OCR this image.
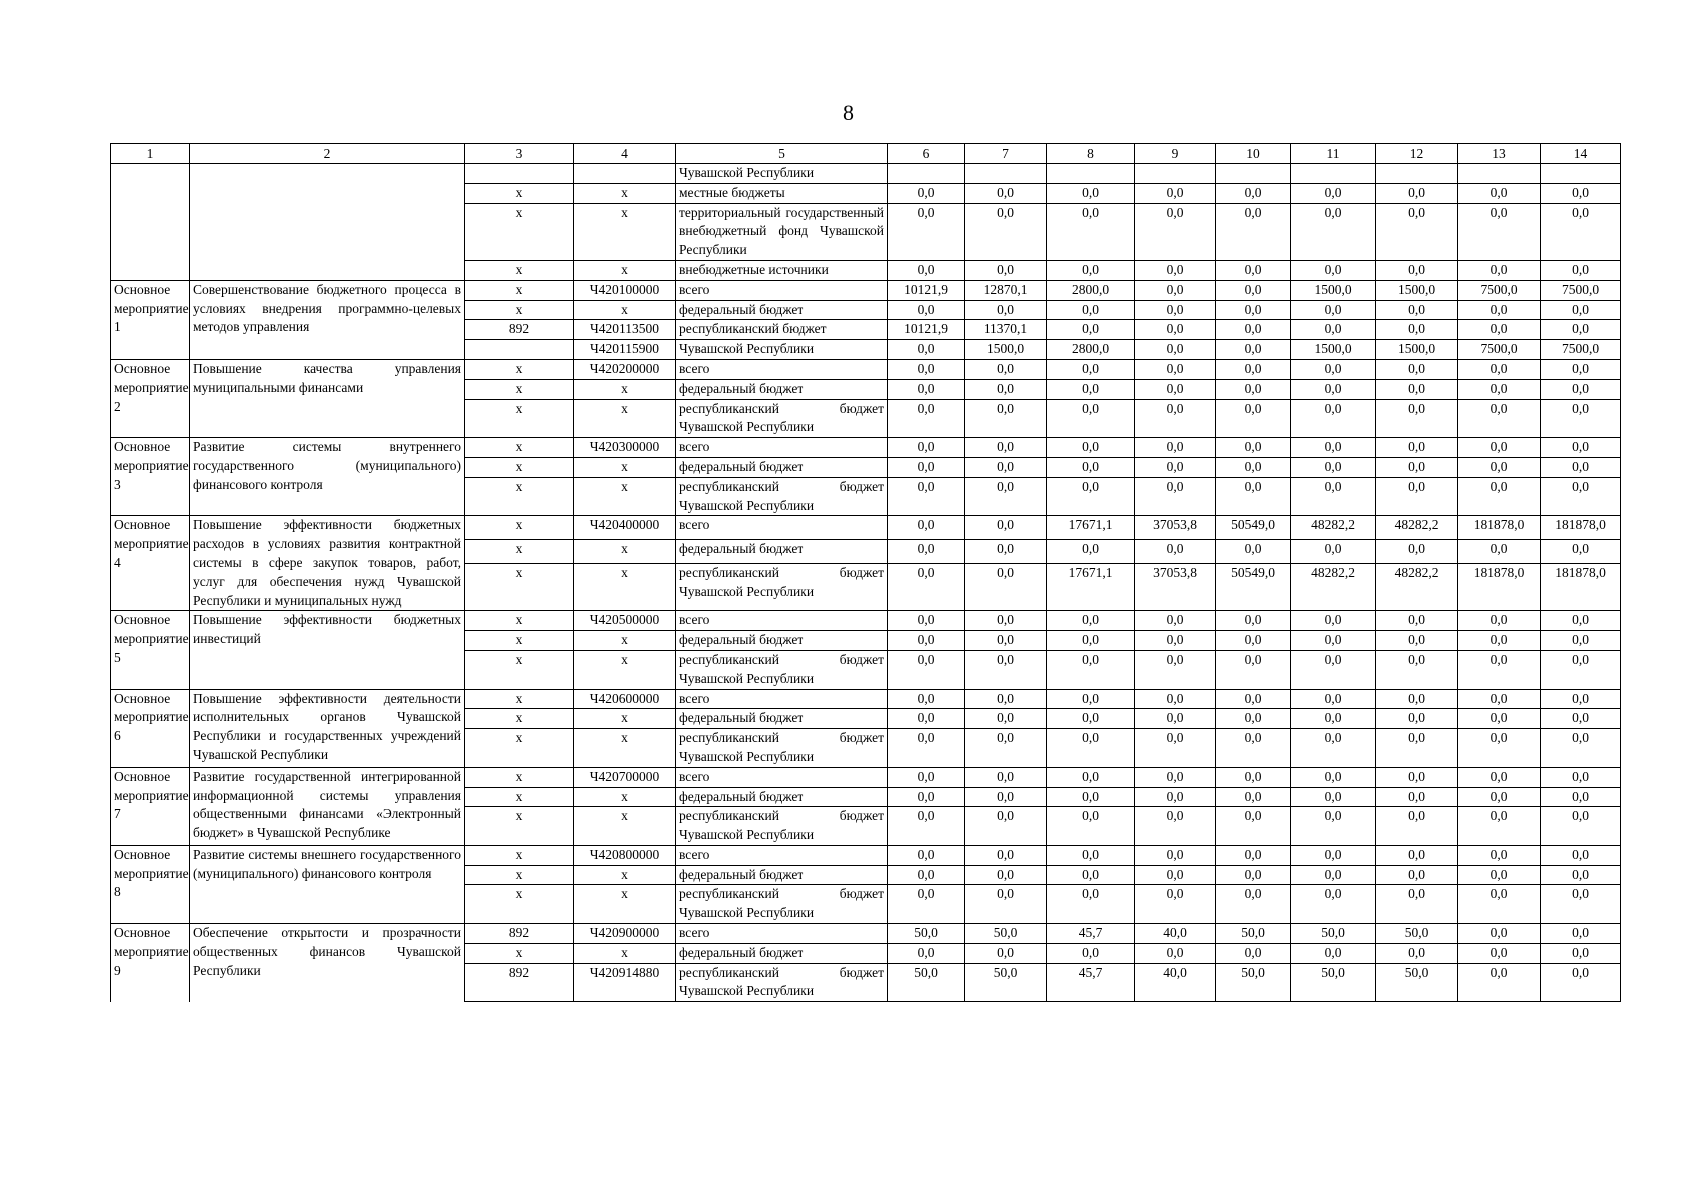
8
1	2	3	4	5	6	7	8	9	10	11	12	13	14
				Чувашской Республики									
		x	x	местные бюджеты	0,0	0,0	0,0	0,0	0,0	0,0	0,0	0,0	0,0
		x	x	территориальный государственный внебюджетный фонд Чувашской Республики	0,0	0,0	0,0	0,0	0,0	0,0	0,0	0,0	0,0
		x	x	внебюджетные источники	0,0	0,0	0,0	0,0	0,0	0,0	0,0	0,0	0,0
Основное мероприятие 1	Совершенствование бюджетного процесса в условиях внедрения программно-целевых методов управления	x	Ч420100000	всего	10121,9	12870,1	2800,0	0,0	0,0	1500,0	1500,0	7500,0	7500,0
		x	x	федеральный бюджет	0,0	0,0	0,0	0,0	0,0	0,0	0,0	0,0	0,0
		892	Ч420113500	республиканский бюджет	10121,9	11370,1	0,0	0,0	0,0	0,0	0,0	0,0	0,0
			Ч420115900	Чувашской Республики	0,0	1500,0	2800,0	0,0	0,0	1500,0	1500,0	7500,0	7500,0
Основное мероприятие 2	Повышение качества управления муниципальными финансами	x	Ч420200000	всего	0,0	0,0	0,0	0,0	0,0	0,0	0,0	0,0	0,0
		x	x	федеральный бюджет	0,0	0,0	0,0	0,0	0,0	0,0	0,0	0,0	0,0
		x	x	республиканский бюджет Чувашской Республики	0,0	0,0	0,0	0,0	0,0	0,0	0,0	0,0	0,0
Основное мероприятие 3	Развитие системы внутреннего государственного (муниципального) финансового контроля	x	Ч420300000	всего	0,0	0,0	0,0	0,0	0,0	0,0	0,0	0,0	0,0
		x	x	федеральный бюджет	0,0	0,0	0,0	0,0	0,0	0,0	0,0	0,0	0,0
		x	x	республиканский бюджет Чувашской Республики	0,0	0,0	0,0	0,0	0,0	0,0	0,0	0,0	0,0
Основное мероприятие 4	Повышение эффективности бюджетных расходов в условиях развития контрактной системы в сфере закупок товаров, работ, услуг для обеспечения нужд Чувашской Республики и муниципальных нужд	x	Ч420400000	всего	0,0	0,0	17671,1	37053,8	50549,0	48282,2	48282,2	181878,0	181878,0
		x	x	федеральный бюджет	0,0	0,0	0,0	0,0	0,0	0,0	0,0	0,0	0,0
		x	x	республиканский бюджет Чувашской Республики	0,0	0,0	17671,1	37053,8	50549,0	48282,2	48282,2	181878,0	181878,0
Основное мероприятие 5	Повышение эффективности бюджетных инвестиций	x	Ч420500000	всего	0,0	0,0	0,0	0,0	0,0	0,0	0,0	0,0	0,0
		x	x	федеральный бюджет	0,0	0,0	0,0	0,0	0,0	0,0	0,0	0,0	0,0
		x	x	республиканский бюджет Чувашской Республики	0,0	0,0	0,0	0,0	0,0	0,0	0,0	0,0	0,0
Основное мероприятие 6	Повышение эффективности деятельности исполнительных органов Чувашской Республики и государственных учреждений Чувашской Республики	x	Ч420600000	всего	0,0	0,0	0,0	0,0	0,0	0,0	0,0	0,0	0,0
		x	x	федеральный бюджет	0,0	0,0	0,0	0,0	0,0	0,0	0,0	0,0	0,0
		x	x	республиканский бюджет Чувашской Республики	0,0	0,0	0,0	0,0	0,0	0,0	0,0	0,0	0,0
Основное мероприятие 7	Развитие государственной интегрированной информационной системы управления общественными финансами «Электронный бюджет» в Чувашской Республике	x	Ч420700000	всего	0,0	0,0	0,0	0,0	0,0	0,0	0,0	0,0	0,0
		x	x	федеральный бюджет	0,0	0,0	0,0	0,0	0,0	0,0	0,0	0,0	0,0
		x	x	республиканский бюджет Чувашской Республики	0,0	0,0	0,0	0,0	0,0	0,0	0,0	0,0	0,0
Основное мероприятие 8	Развитие системы внешнего государственного (муниципального) финансового контроля	x	Ч420800000	всего	0,0	0,0	0,0	0,0	0,0	0,0	0,0	0,0	0,0
		x	x	федеральный бюджет	0,0	0,0	0,0	0,0	0,0	0,0	0,0	0,0	0,0
		x	x	республиканский бюджет Чувашской Республики	0,0	0,0	0,0	0,0	0,0	0,0	0,0	0,0	0,0
Основное мероприятие 9	Обеспечение открытости и прозрачности общественных финансов Чувашской Республики	892	Ч420900000	всего	50,0	50,0	45,7	40,0	50,0	50,0	50,0	0,0	0,0
		x	x	федеральный бюджет	0,0	0,0	0,0	0,0	0,0	0,0	0,0	0,0	0,0
		892	Ч420914880	республиканский бюджет Чувашской Республики	50,0	50,0	45,7	40,0	50,0	50,0	50,0	0,0	0,0
